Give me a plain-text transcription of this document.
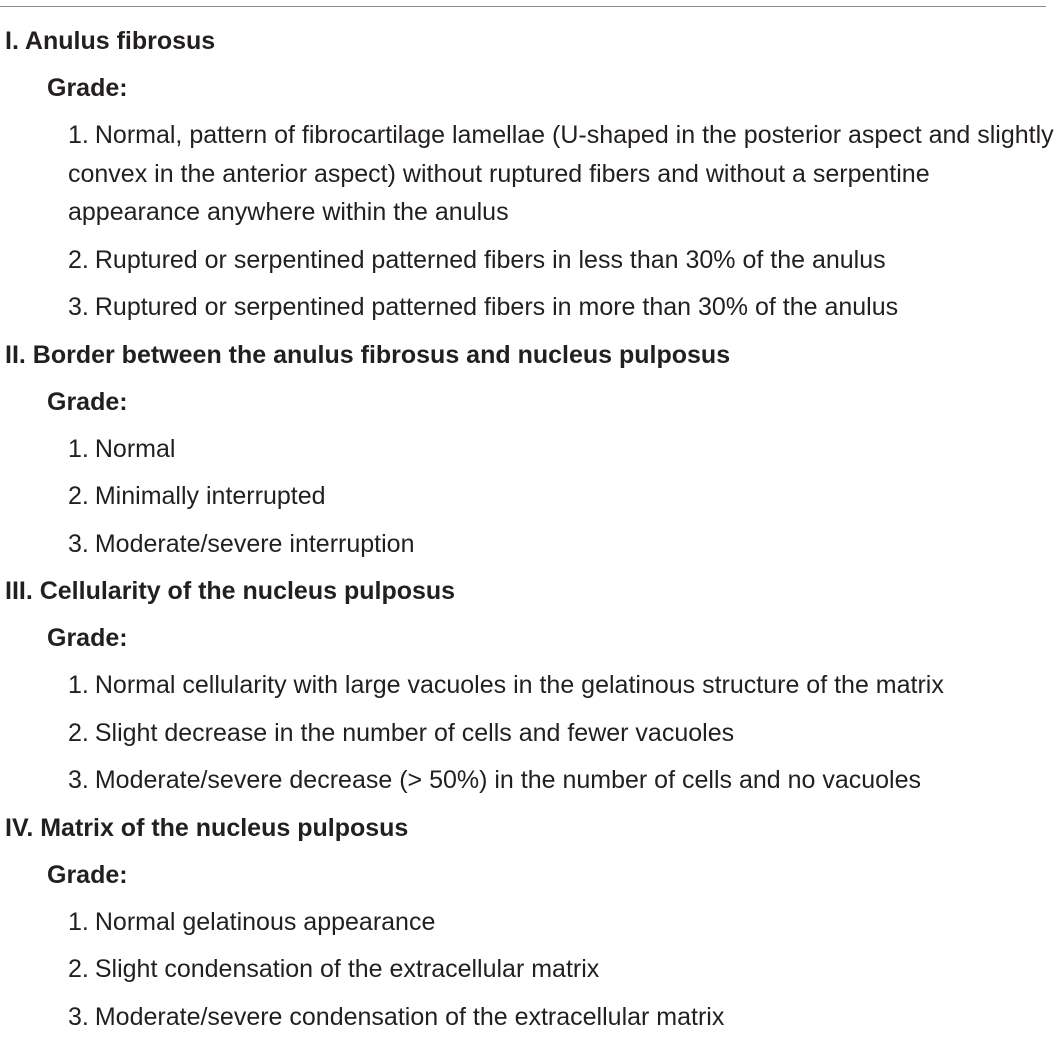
I. Anulus fibrosus
Grade:
1. Normal, pattern of fibrocartilage lamellae (U-shaped in the posterior aspect and slightly convex in the anterior aspect) without ruptured fibers and without a serpentine appearance anywhere within the anulus
2. Ruptured or serpentined patterned fibers in less than 30% of the anulus
3. Ruptured or serpentined patterned fibers in more than 30% of the anulus
II. Border between the anulus fibrosus and nucleus pulposus
Grade:
1. Normal
2. Minimally interrupted
3. Moderate/severe interruption
III. Cellularity of the nucleus pulposus
Grade:
1. Normal cellularity with large vacuoles in the gelatinous structure of the matrix
2. Slight decrease in the number of cells and fewer vacuoles
3. Moderate/severe decrease (> 50%) in the number of cells and no vacuoles
IV. Matrix of the nucleus pulposus
Grade:
1. Normal gelatinous appearance
2. Slight condensation of the extracellular matrix
3. Moderate/severe condensation of the extracellular matrix
